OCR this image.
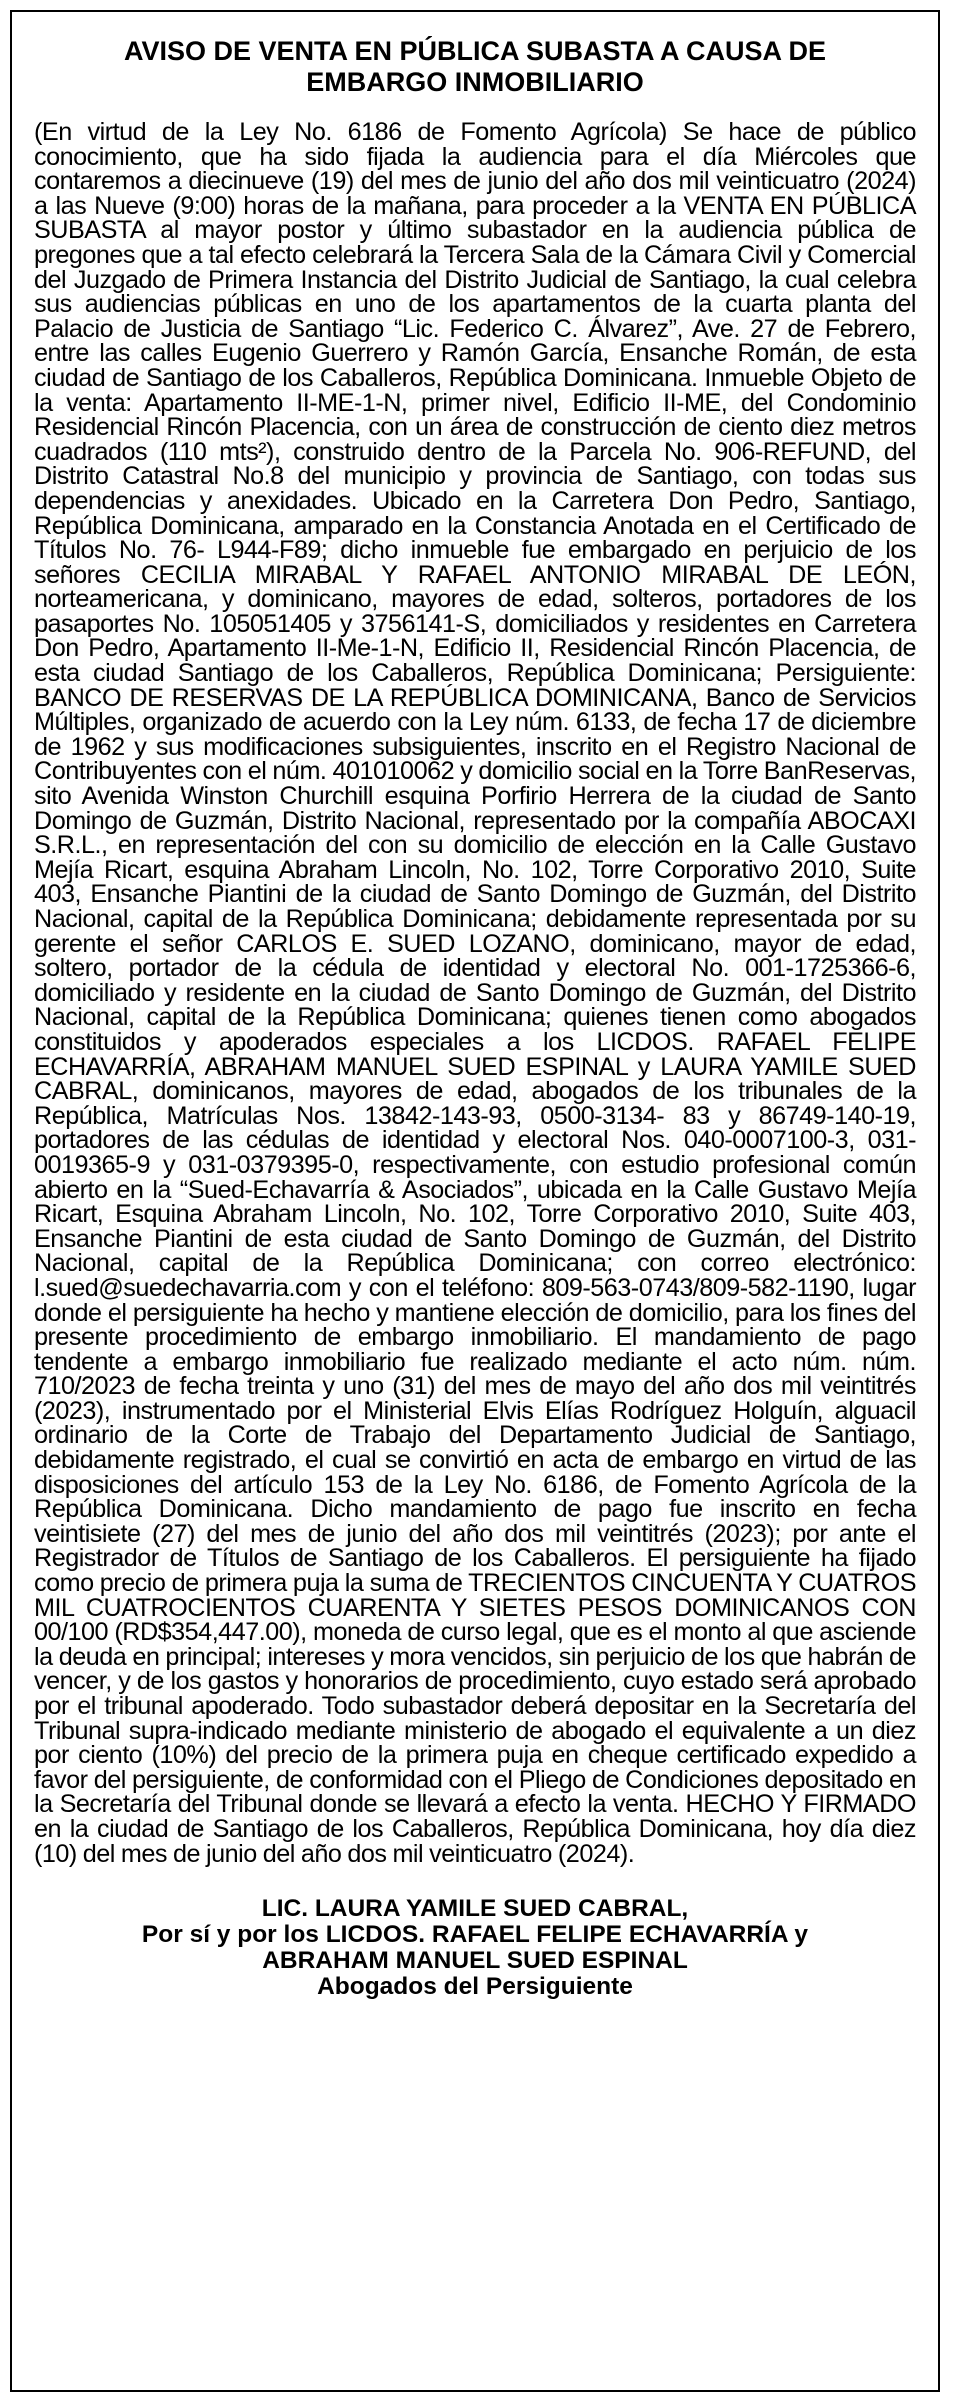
AVISO DE VENTA EN PÚBLICA SUBASTA A CAUSA DE EMBARGO INMOBILIARIO

(En virtud de la Ley No. 6186 de Fomento Agrícola) Se hace de público conocimiento, que ha sido fijada la audiencia para el día Miércoles que contaremos a diecinueve (19) del mes de junio del año dos mil veinticuatro (2024) a las Nueve (9:00) horas de la mañana, para proceder a la VENTA EN PÚBLICA SUBASTA al mayor postor y último subastador en la audiencia pública de pregones que a tal efecto celebrará la Tercera Sala de la Cámara Civil y Comercial del Juzgado de Primera Instancia del Distrito Judicial de Santiago, la cual celebra sus audiencias públicas en uno de los apartamentos de la cuarta planta del Palacio de Justicia de Santiago “Lic. Federico C. Álvarez”, Ave. 27 de Febrero, entre las calles Eugenio Guerrero y Ramón García, Ensanche Román, de esta ciudad de Santiago de los Caballeros, República Dominicana. Inmueble Objeto de la venta: Apartamento II-ME-1-N, primer nivel, Edificio II-ME, del Condominio Residencial Rincón Placencia, con un área de construcción de ciento diez metros cuadrados (110 mts²), construido dentro de la Parcela No. 906-REFUND, del Distrito Catastral No.8 del municipio y provincia de Santiago, con todas sus dependencias y anexidades. Ubicado en la Carretera Don Pedro, Santiago, República Dominicana, amparado en la Constancia Anotada en el Certificado de Títulos No. 76- L944-F89; dicho inmueble fue embargado en perjuicio de los señores CECILIA MIRABAL Y RAFAEL ANTONIO MIRABAL DE LEÓN, norteamericana, y dominicano, mayores de edad, solteros, portadores de los pasaportes No. 105051405 y 3756141-S, domiciliados y residentes en Carretera Don Pedro, Apartamento II-Me-1-N, Edificio II, Residencial Rincón Placencia, de esta ciudad Santiago de los Caballeros, República Dominicana; Persiguiente: BANCO DE RESERVAS DE LA REPÚBLICA DOMINICANA, Banco de Servicios Múltiples, organizado de acuerdo con la Ley núm. 6133, de fecha 17 de diciembre de 1962 y sus modificaciones subsiguientes, inscrito en el Registro Nacional de Contribuyentes con el núm. 401010062 y domicilio social en la Torre BanReservas, sito Avenida Winston Churchill esquina Porfirio Herrera de la ciudad de Santo Domingo de Guzmán, Distrito Nacional, representado por la compañía ABOCAXI S.R.L., en representación del con su domicilio de elección en la Calle Gustavo Mejía Ricart, esquina Abraham Lincoln, No. 102, Torre Corporativo 2010, Suite 403, Ensanche Piantini de la ciudad de Santo Domingo de Guzmán, del Distrito Nacional, capital de la República Dominicana; debidamente representada por su gerente el señor CARLOS E. SUED LOZANO, dominicano, mayor de edad, soltero, portador de la cédula de identidad y electoral No. 001-1725366-6, domiciliado y residente en la ciudad de Santo Domingo de Guzmán, del Distrito Nacional, capital de la República Dominicana; quienes tienen como abogados constituidos y apoderados especiales a los LICDOS. RAFAEL FELIPE ECHAVARRÍA, ABRAHAM MANUEL SUED ESPINAL y LAURA YAMILE SUED CABRAL, dominicanos, mayores de edad, abogados de los tribunales de la República, Matrículas Nos. 13842-143-93, 0500-3134- 83 y 86749-140-19, portadores de las cédulas de identidad y electoral Nos. 040-0007100-3, 031-0019365-9 y 031-0379395-0, respectivamente, con estudio profesional común abierto en la “Sued-Echavarría & Asociados”, ubicada en la Calle Gustavo Mejía Ricart, Esquina Abraham Lincoln, No. 102, Torre Corporativo 2010, Suite 403, Ensanche Piantini de esta ciudad de Santo Domingo de Guzmán, del Distrito Nacional, capital de la República Dominicana; con correo electrónico: l.sued@suedechavarria.com y con el teléfono: 809-563-0743/809-582-1190, lugar donde el persiguiente ha hecho y mantiene elección de domicilio, para los fines del presente procedimiento de embargo inmobiliario. El mandamiento de pago tendente a embargo inmobiliario fue realizado mediante el acto núm. núm. 710/2023 de fecha treinta y uno (31) del mes de mayo del año dos mil veintitrés (2023), instrumentado por el Ministerial Elvis Elías Rodríguez Holguín, alguacil ordinario de la Corte de Trabajo del Departamento Judicial de Santiago, debidamente registrado, el cual se convirtió en acta de embargo en virtud de las disposiciones del artículo 153 de la Ley No. 6186, de Fomento Agrícola de la República Dominicana. Dicho mandamiento de pago fue inscrito en fecha veintisiete (27) del mes de junio del año dos mil veintitrés (2023); por ante el Registrador de Títulos de Santiago de los Caballeros. El persiguiente ha fijado como precio de primera puja la suma de TRECIENTOS CINCUENTA Y CUATROS MIL CUATROCIENTOS CUARENTA Y SIETES PESOS DOMINICANOS CON 00/100 (RD$354,447.00), moneda de curso legal, que es el monto al que asciende la deuda en principal; intereses y mora vencidos, sin perjuicio de los que habrán de vencer, y de los gastos y honorarios de procedimiento, cuyo estado será aprobado por el tribunal apoderado. Todo subastador deberá depositar en la Secretaría del Tribunal supra-indicado mediante ministerio de abogado el equivalente a un diez por ciento (10%) del precio de la primera puja en cheque certificado expedido a favor del persiguiente, de conformidad con el Pliego de Condiciones depositado en la Secretaría del Tribunal donde se llevará a efecto la venta. HECHO Y FIRMADO en la ciudad de Santiago de los Caballeros, República Dominicana, hoy día diez (10) del mes de junio del año dos mil veinticuatro (2024).

LIC. LAURA YAMILE SUED CABRAL,
Por sí y por los LICDOS. RAFAEL FELIPE ECHAVARRÍA y
ABRAHAM MANUEL SUED ESPINAL
Abogados del Persiguiente
